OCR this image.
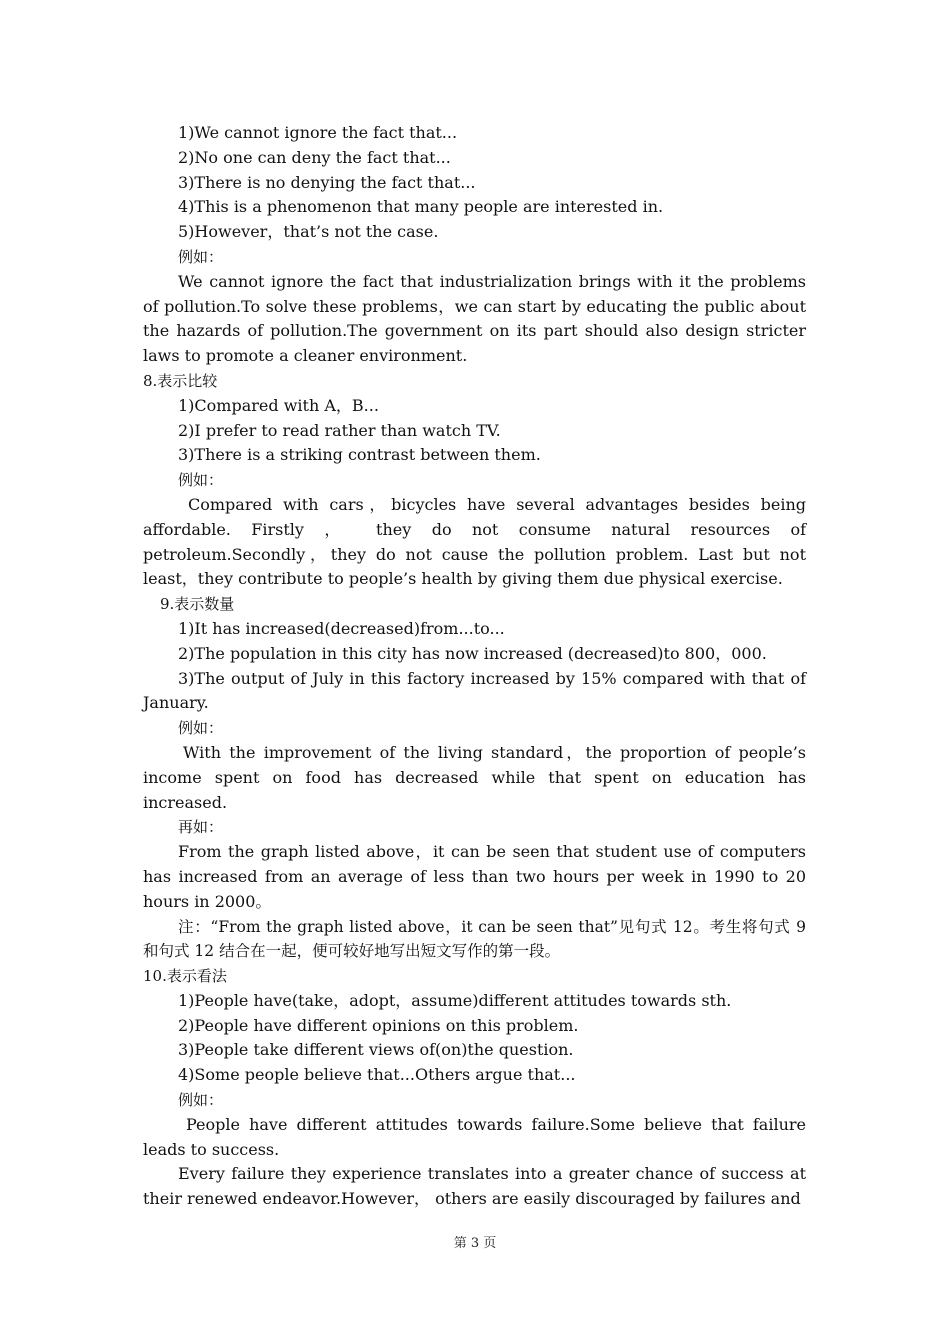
1)We cannot ignore the fact that...
2)No one can deny the fact that...
3)There is no denying the fact that...
4)This is a phenomenon that many people are interested in.
5)However，that’s not the case.
例如：
We cannot ignore the fact that industrialization brings with it the problems of pollution.To solve these problems，we can start by educating the public about the hazards of pollution.The government on its part should also design stricter laws to promote a cleaner environment.
8.表示比较
1)Compared with A，B...
2)I prefer to read rather than watch TV.
3)There is a striking contrast between them.
例如：
Compared with cars，bicycles have several advantages besides being affordable. Firstly ， they do not consume natural resources of petroleum.Secondly，they do not cause the pollution problem. Last but not least，they contribute to people’s health by giving them due physical exercise.
9.表示数量
1)It has increased(decreased)from...to...
2)The population in this city has now increased (decreased)to 800，000.
3)The output of July in this factory increased by 15% compared with that of January.
例如：
With the improvement of the living standard，the proportion of people’s income spent on food has decreased while that spent on education has increased.
再如：
From the graph listed above，it can be seen that student use of computers has increased from an average of less than two hours per week in 1990 to 20 hours in 2000。
注：“From the graph listed above，it can be seen that”见句式 12。考生将句式 9 和句式 12 结合在一起，便可较好地写出短文写作的第一段。
10.表示看法
1)People have(take，adopt，assume)different attitudes towards sth.
2)People have different opinions on this problem.
3)People take different views of(on)the question.
4)Some people believe that...Others argue that...
例如：
People have different attitudes towards failure.Some believe that failure leads to success.
Every failure they experience translates into a greater chance of success at their renewed endeavor.However， others are easily discouraged by failures and
第 3 页
